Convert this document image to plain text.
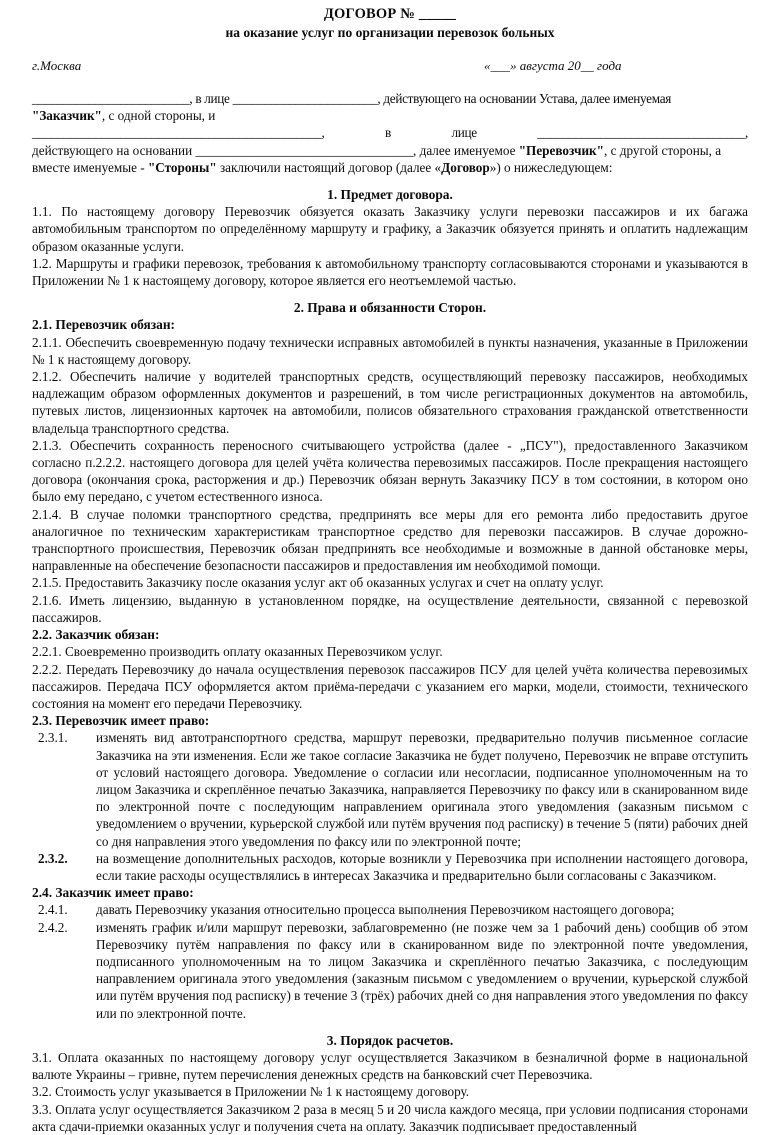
ДОГОВОР № _____
на оказание услуг по организации перевозок больных
г.Москва	«___» августа 20__ года

_________________________, в лице _______________________, действующего на основании Устава, далее именуемая

"Заказчик", с одной стороны, и

______________________________________________, в лице _________________________________,

действующего на основании _________________________________, далее именуемое "Перевозчик", с другой стороны, а

вместе именуемые - "Стороны" заключили настоящий договор (далее «Договор») о нижеследующем:

1. Предмет договора.

1.1. По настоящему договору Перевозчик обязуется оказать Заказчику услуги перевозки пассажиров и их багажа автомобильным транспортом по определённому маршруту и графику, а Заказчик обязуется принять и оплатить надлежащим образом оказанные услуги.

1.2. Маршруты и графики перевозок, требования к автомобильному транспорту согласовываются сторонами и указываются в Приложении № 1 к настоящему договору, которое является его неотъемлемой частью.

2. Права и обязанности Сторон.

2.1. Перевозчик обязан:

2.1.1. Обеспечить своевременную подачу технически исправных автомобилей в пункты назначения, указанные в Приложении № 1 к настоящему договору.

2.1.2. Обеспечить наличие у водителей транспортных средств, осуществляющий перевозку пассажиров, необходимых надлежащим образом оформленных документов и разрешений, в том числе регистрационных документов на автомобиль, путевых листов, лицензионных карточек на автомобили, полисов обязательного страхования гражданской ответственности владельца транспортного средства.

2.1.3. Обеспечить сохранность переносного считывающего устройства (далее - „ПСУ"), предоставленного Заказчиком согласно п.2.2.2. настоящего договора для целей учёта количества перевозимых пассажиров. После прекращения настоящего договора (окончания срока, расторжения и др.) Перевозчик обязан вернуть Заказчику ПСУ в том состоянии, в котором оно было ему передано, с учетом естественного износа.

2.1.4. В случае поломки транспортного средства, предпринять все меры для его ремонта либо предоставить другое аналогичное по техническим характеристикам транспортное средство для перевозки пассажиров. В случае дорожно-транспортного происшествия, Перевозчик обязан предпринять все необходимые и возможные в данной обстановке меры, направленные на обеспечение безопасности пассажиров и предоставления им необходимой помощи.

2.1.5. Предоставить Заказчику после оказания услуг акт об оказанных услугах и счет на оплату услуг.

2.1.6. Иметь лицензию, выданную в установленном порядке, на осуществление деятельности, связанной с перевозкой пассажиров.

2.2. Заказчик обязан:

2.2.1. Своевременно производить оплату оказанных Перевозчиком услуг.

2.2.2. Передать Перевозчику до начала осуществления перевозок пассажиров ПСУ для целей учёта количества перевозимых пассажиров. Передача ПСУ оформляется актом приёма-передачи с указанием его марки, модели, стоимости, технического состояния на момент его передачи Перевозчику.

2.3. Перевозчик имеет право:

2.3.1.	изменять вид автотранспортного средства, маршрут перевозки, предварительно получив письменное согласие Заказчика на эти изменения. Если же такое согласие Заказчика не будет получено, Перевозчик не вправе отступить от условий настоящего договора. Уведомление о согласии или несогласии, подписанное уполномоченным на то лицом Заказчика и скреплённое печатью Заказчика, направляется Перевозчику по факсу или в сканированном виде по электронной почте с последующим направлением оригинала этого уведомления (заказным письмом с уведомлением о вручении, курьерской службой или путём вручения под расписку) в течение 5 (пяти) рабочих дней со дня направления этого уведомления по факсу или по электронной почте;
2.3.2.	на возмещение дополнительных расходов, которые возникли у Перевозчика при исполнении настоящего договора, если такие расходы осуществлялись в интересах Заказчика и предварительно были согласованы с Заказчиком.

2.4. Заказчик имеет право:

2.4.1.	давать Перевозчику указания относительно процесса выполнения Перевозчиком настоящего договора;
2.4.2.	изменять график и/или маршрут перевозки, заблаговременно (не позже чем за 1 рабочий день) сообщив об этом Перевозчику путём направления по факсу или в сканированном виде по электронной почте уведомления, подписанного уполномоченным на то лицом Заказчика и скреплённого печатью Заказчика, с последующим направлением оригинала этого уведомления (заказным письмом с уведомлением о вручении, курьерской службой или путём вручения под расписку) в течение 3 (трёх) рабочих дней со дня направления этого уведомления по факсу или по электронной почте.
3. Порядок расчетов.

3.1. Оплата оказанных по настоящему договору услуг осуществляется Заказчиком в безналичной форме в национальной валюте Украины – гривне, путем перечисления денежных средств на банковский счет Перевозчика.

3.2. Стоимость услуг указывается в Приложении № 1 к настоящему договору.

3.3. Оплата услуг осуществляется Заказчиком 2 раза в месяц 5 и 20 числа каждого месяца, при условии подписания сторонами акта сдачи-приемки оказанных услуг и получения счета на оплату. Заказчик подписывает предоставленный
